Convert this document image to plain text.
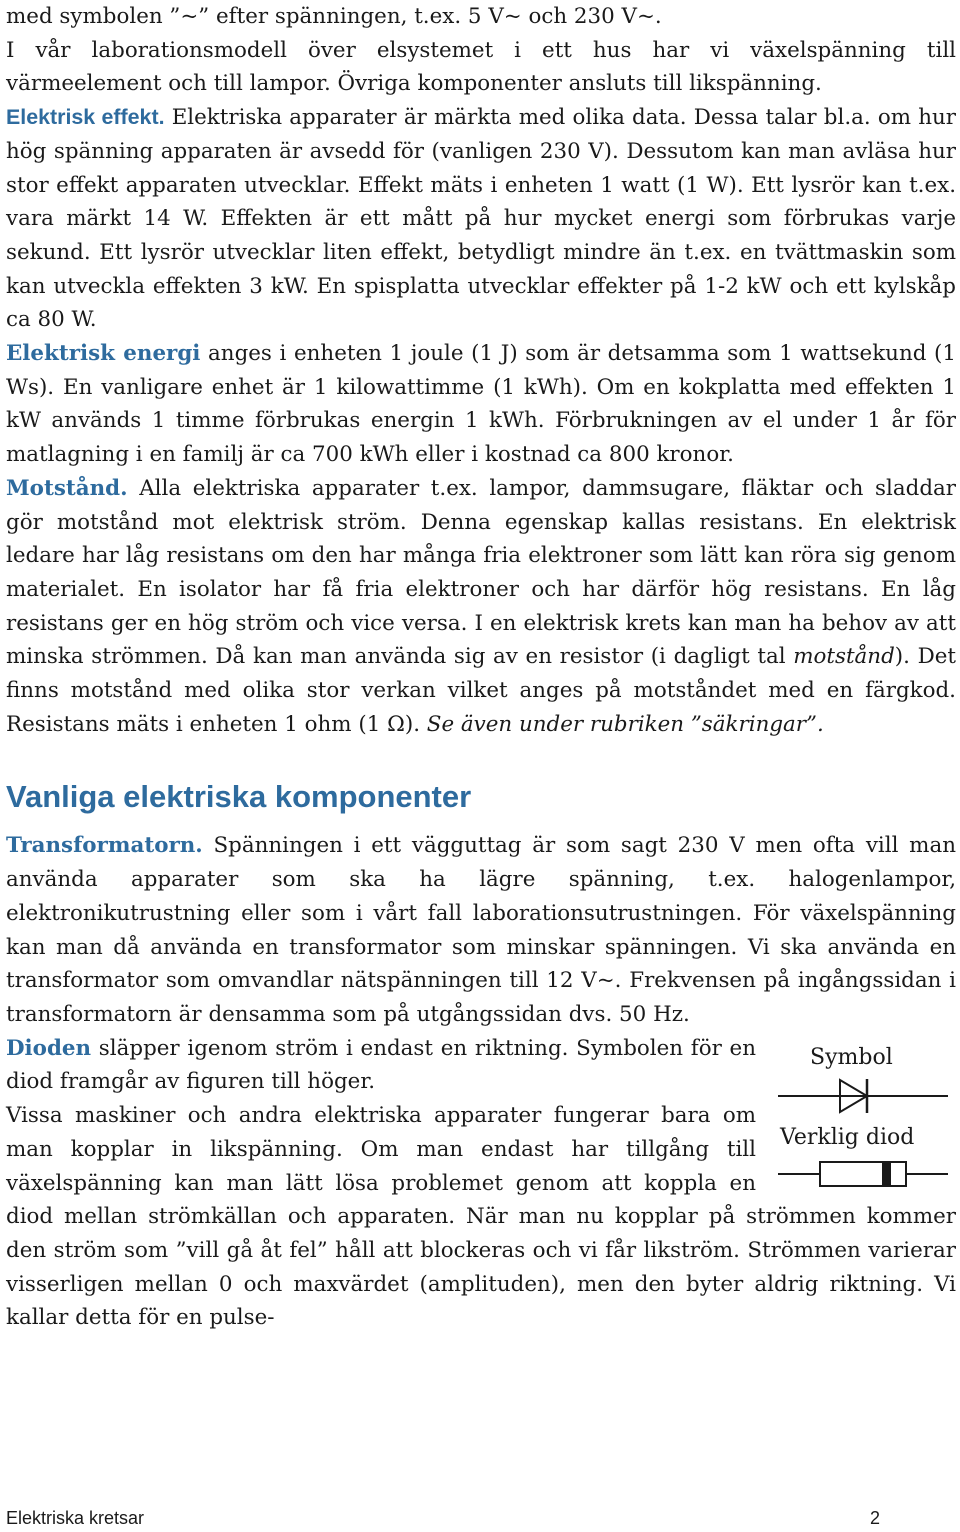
med symbolen ”~” efter spänningen, t.ex. 5 V~ och 230 V~.

I vår laborationsmodell över elsystemet i ett hus har vi växelspänning till värmeelement och till lampor. Övriga komponenter ansluts till likspänning.

Elektrisk effekt. Elektriska apparater är märkta med olika data. Dessa talar bl.a. om hur hög spänning apparaten är avsedd för (vanligen 230 V). Dessutom kan man avläsa hur stor effekt apparaten utvecklar. Effekt mäts i enheten 1 watt (1 W). Ett lysrör kan t.ex. vara märkt 14 W. Effekten är ett mått på hur mycket energi som förbrukas varje sekund. Ett lysrör utvecklar liten effekt, betydligt mindre än t.ex. en tvättmaskin som kan utveckla effekten 3 kW. En spisplatta utvecklar effekter på 1-2 kW och ett kylskåp ca 80 W.

Elektrisk energi anges i enheten 1 joule (1 J) som är detsamma som 1 wattsekund (1 Ws). En vanligare enhet är 1 kilowattimme (1 kWh). Om en kokplatta med effekten 1 kW används 1 timme förbrukas energin 1 kWh. Förbrukningen av el under 1 år för matlagning i en familj är ca 700 kWh eller i kostnad ca 800 kronor.

Motstånd. Alla elektriska apparater t.ex. lampor, dammsugare, fläktar och sladdar gör motstånd mot elektrisk ström. Denna egenskap kallas resistans. En elektrisk ledare har låg resistans om den har många fria elektroner som lätt kan röra sig genom materialet. En isolator har få fria elektroner och har därför hög resistans. En låg resistans ger en hög ström och vice versa. I en elektrisk krets kan man ha behov av att minska strömmen. Då kan man använda sig av en resistor (i dagligt tal motstånd). Det finns motstånd med olika stor verkan vilket anges på motståndet med en färgkod. Resistans mäts i enheten 1 ohm (1 Ω). Se även under rubriken ”säkringar”.

Vanliga elektriska komponenter

Transformatorn. Spänningen i ett vägguttag är som sagt 230 V men ofta vill man använda apparater som ska ha lägre spänning, t.ex. halogenlampor, elektronikutrustning eller som i vårt fall laborationsutrustningen. För växelspänning kan man då använda en transformator som minskar spänningen. Vi ska använda en transformator som omvandlar nätspänningen till 12 V~. Frekvensen på ingångssidan i transformatorn är densamma som på utgångssidan dvs. 50 Hz.

Symbol
Verklig diod

Dioden släpper igenom ström i endast en riktning. Symbolen för en diod framgår av figuren till höger.

Vissa maskiner och andra elektriska apparater fungerar bara om man kopplar in likspänning. Om man endast har tillgång till växelspänning kan man lätt lösa problemet genom att koppla en diod mellan strömkällan och apparaten. När man nu kopplar på strömmen kommer den ström som ”vill gå åt fel” håll att blockeras och vi får likström. Strömmen varierar visserligen mellan 0 och maxvärdet (amplituden), men den byter aldrig riktning. Vi kallar detta för en pulse-

Elektriska kretsar	2
